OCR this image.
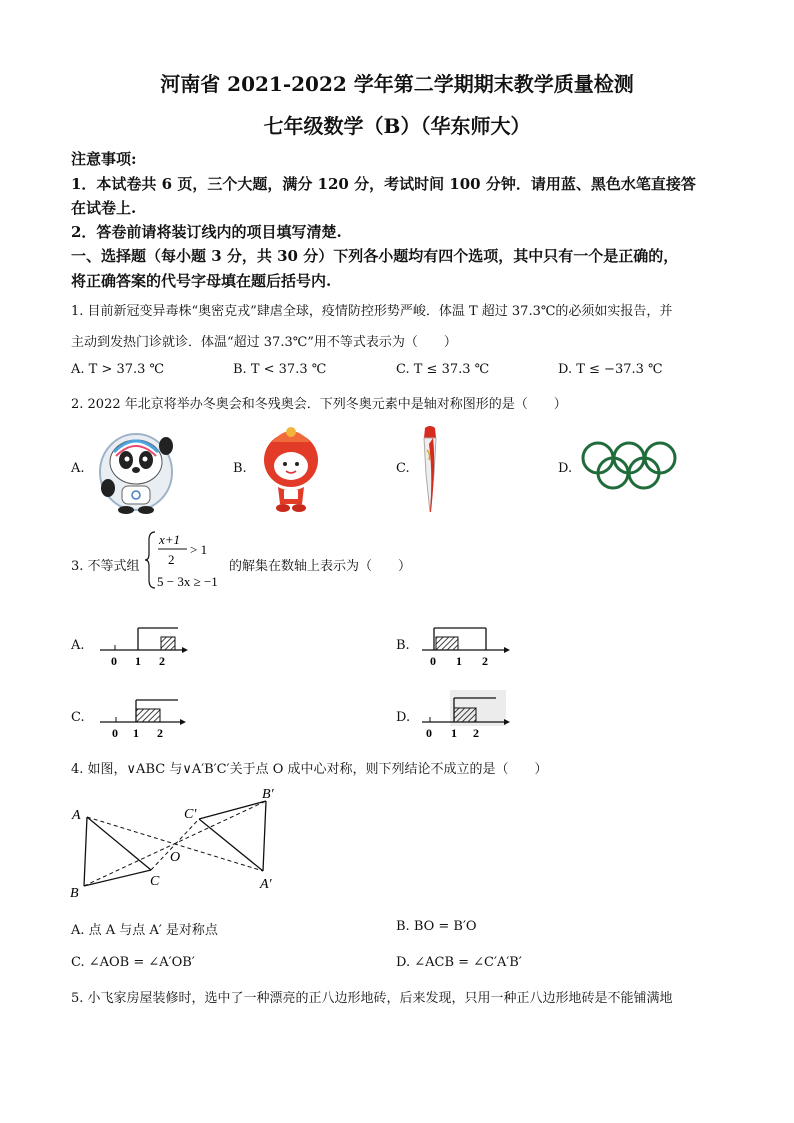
河南省 2021-2022 学年第二学期期末教学质量检测
七年级数学（B）（华东师大）
注意事项:
1．本试卷共 6 页，三个大题，满分 120 分，考试时间 100 分钟．请用蓝、黑色水笔直接答
在试卷上.
2．答卷前请将装订线内的项目填写清楚.
一、选择题（每小题 3 分，共 30 分）下列各小题均有四个选项，其中只有一个是正确的，
将正确答案的代号字母填在题后括号内.
1. 目前新冠变异毒株“奥密克戎”肆虐全球，疫情防控形势严峻．体温 T 超过 37.3℃的必须如实报告，并
主动到发热门诊就诊．体温“超过 37.3℃”用不等式表示为（　　）
A. T > 37.3 ℃	B. T < 37.3 ℃	C. T ≤ 37.3 ℃	D. T ≤ −37.3 ℃
2. 2022 年北京将举办冬奥会和冬残奥会．下列冬奥元素中是轴对称图形的是（　　）
A.	B.	C.	D.
3. 不等式组
x+1
2
> 1
5 − 3x ≥ −1
的解集在数轴上表示为（　　）
A.	B.
C.	D.
0 1 2	0 1 2
0 1 2	0 1 2
4. 如图，∨ABC 与∨A′B′C′关于点 O 成中心对称，则下列结论不成立的是（　　）
A
B
C
O
C′
B′
A′
A. 点 A 与点 A′ 是对称点	B. BO = B′O
C. ∠AOB = ∠A′OB′	D. ∠ACB = ∠C′A′B′
5. 小飞家房屋装修时，选中了一种漂亮的正八边形地砖，后来发现，只用一种正八边形地砖是不能铺满地
